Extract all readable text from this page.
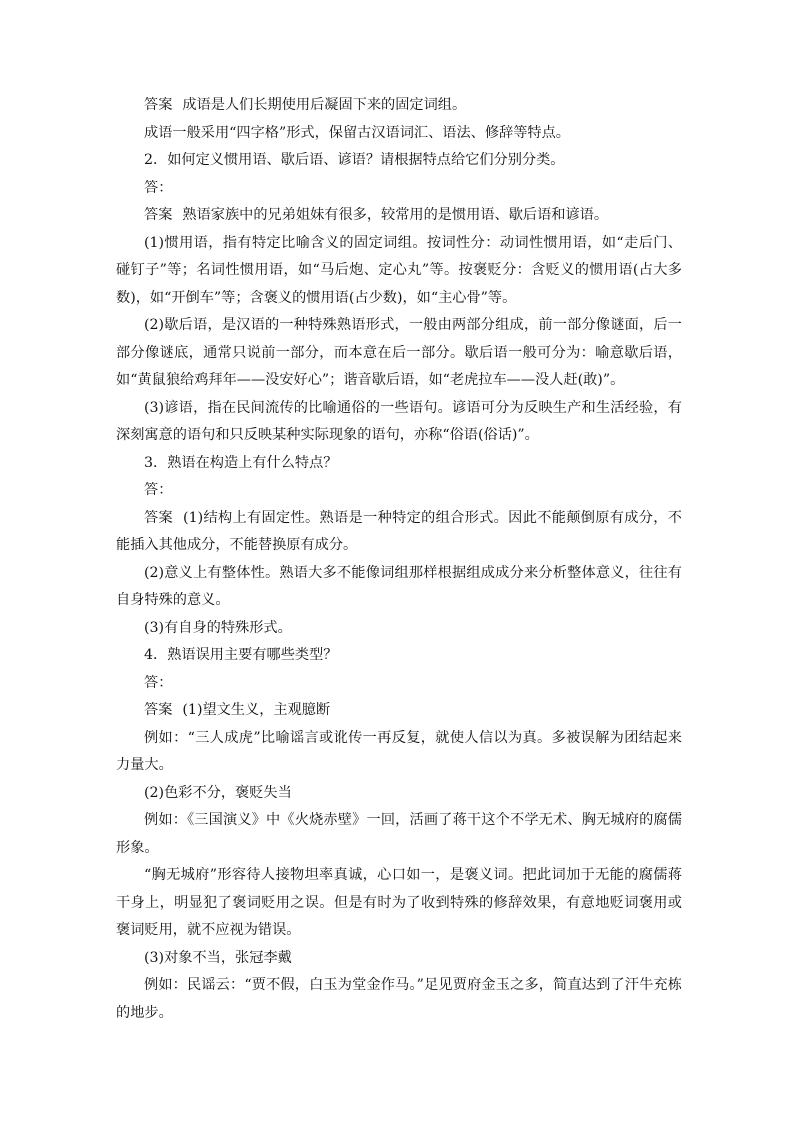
答案 成语是人们长期使用后凝固下来的固定词组。

成语一般采用“四字格”形式，保留古汉语词汇、语法、修辞等特点。

2．如何定义惯用语、歇后语、谚语？请根据特点给它们分别分类。

答：

答案 熟语家族中的兄弟姐妹有很多，较常用的是惯用语、歇后语和谚语。

(1)惯用语，指有特定比喻含义的固定词组。按词性分：动词性惯用语，如“走后门、碰钉子”等；名词性惯用语，如“马后炮、定心丸”等。按褒贬分：含贬义的惯用语(占大多数)，如“开倒车”等；含褒义的惯用语(占少数)，如“主心骨”等。

(2)歇后语，是汉语的一种特殊熟语形式，一般由两部分组成，前一部分像谜面，后一部分像谜底，通常只说前一部分，而本意在后一部分。歇后语一般可分为：喻意歇后语，如“黄鼠狼给鸡拜年——没安好心”；谐音歇后语，如“老虎拉车——没人赶(敢)”。

(3)谚语，指在民间流传的比喻通俗的一些语句。谚语可分为反映生产和生活经验，有深刻寓意的语句和只反映某种实际现象的语句，亦称“俗语(俗话)”。

3．熟语在构造上有什么特点？

答：

答案 (1)结构上有固定性。熟语是一种特定的组合形式。因此不能颠倒原有成分，不能插入其他成分，不能替换原有成分。

(2)意义上有整体性。熟语大多不能像词组那样根据组成成分来分析整体意义，往往有自身特殊的意义。

(3)有自身的特殊形式。

4．熟语误用主要有哪些类型？

答：

答案 (1)望文生义，主观臆断

例如：“三人成虎”比喻谣言或讹传一再反复，就使人信以为真。多被误解为团结起来力量大。

(2)色彩不分，褒贬失当

例如：《三国演义》中《火烧赤壁》一回，活画了蒋干这个不学无术、胸无城府的腐儒形象。

“胸无城府”形容待人接物坦率真诚，心口如一，是褒义词。把此词加于无能的腐儒蒋干身上，明显犯了褒词贬用之误。但是有时为了收到特殊的修辞效果，有意地贬词褒用或褒词贬用，就不应视为错误。

(3)对象不当，张冠李戴

例如：民谣云：“贾不假，白玉为堂金作马。”足见贾府金玉之多，简直达到了汗牛充栋的地步。
